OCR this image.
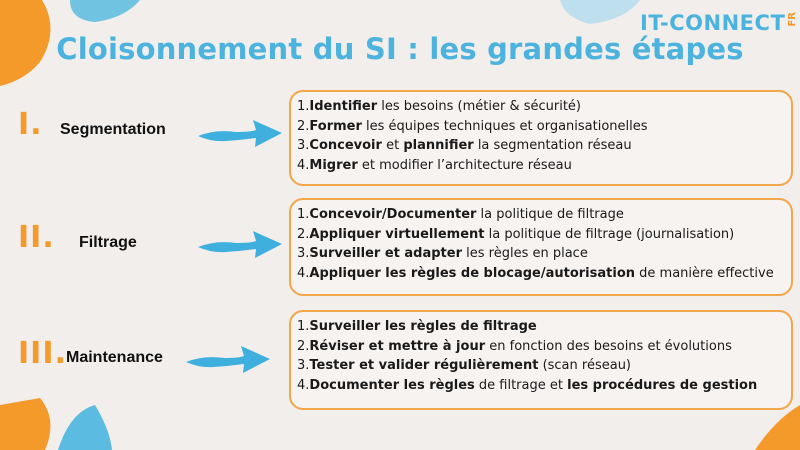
IT-CONNECT FR
Cloisonnement du SI : les grandes étapes
I. Segmentation
1.Identifier les besoins (métier & sécurité)
2.Former les équipes techniques et organisationelles
3.Concevoir et plannifier la segmentation réseau
4.Migrer et modifier l’architecture réseau
II. Filtrage
1.Concevoir/Documenter la politique de filtrage
2.Appliquer virtuellement la politique de filtrage (journalisation)
3.Surveiller et adapter les règles en place
4.Appliquer les règles de blocage/autorisation de manière effective
III. Maintenance
1.Surveiller les règles de filtrage
2.Réviser et mettre à jour en fonction des besoins et évolutions
3.Tester et valider régulièrement (scan réseau)
4.Documenter les règles de filtrage et les procédures de gestion
